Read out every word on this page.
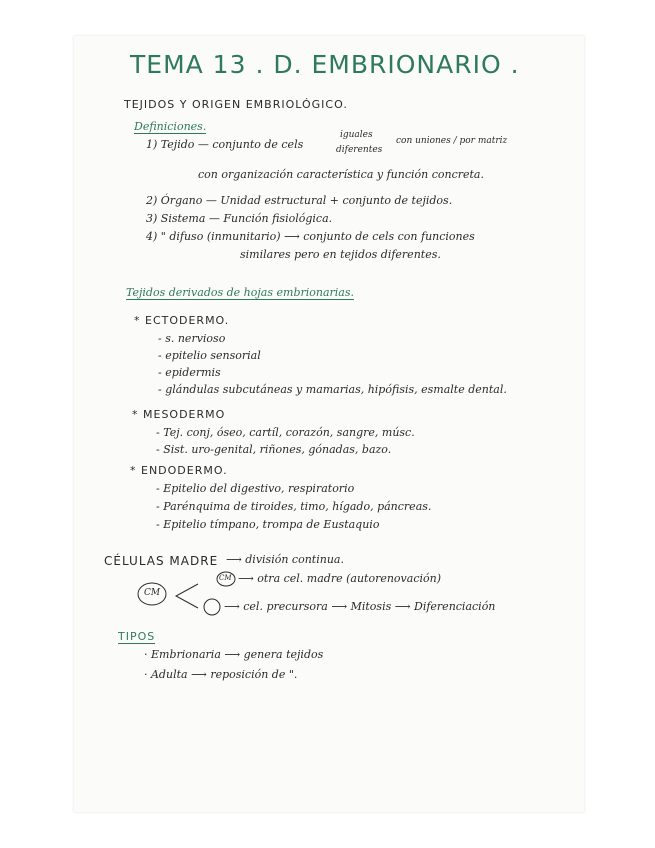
TEMA 13 . D. EMBRIONARIO .
TEJIDOS Y ORIGEN EMBRIOLÓGICO.
Definiciones.
1) Tejido — conjunto de cels
iguales
diferentes
con uniones / por matriz
con organización característica y función concreta.
2) Órgano — Unidad estructural + conjunto de tejidos.
3) Sistema — Función fisiológica.
4) " difuso (inmunitario) ⟶ conjunto de cels con funciones
similares pero en tejidos diferentes.
Tejidos derivados de hojas embrionarias.
* ECTODERMO.
- s. nervioso
- epitelio sensorial
- epidermis
- glándulas subcutáneas y mamarias, hipófisis, esmalte dental.
* MESODERMO
- Tej. conj, óseo, cartíl, corazón, sangre, músc.
- Sist. uro-genital, riñones, gónadas, bazo.
* ENDODERMO.
- Epitelio del digestivo, respiratorio
- Parénquima de tiroides, timo, hígado, páncreas.
- Epitelio tímpano, trompa de Eustaquio
CÉLULAS MADRE ⟶ división continua.
CM
CM ⟶ otra cel. madre (autorenovación)
⟶ cel. precursora ⟶ Mitosis ⟶ Diferenciación
TIPOS
· Embrionaria ⟶ genera tejidos
· Adulta ⟶ reposición de ".
